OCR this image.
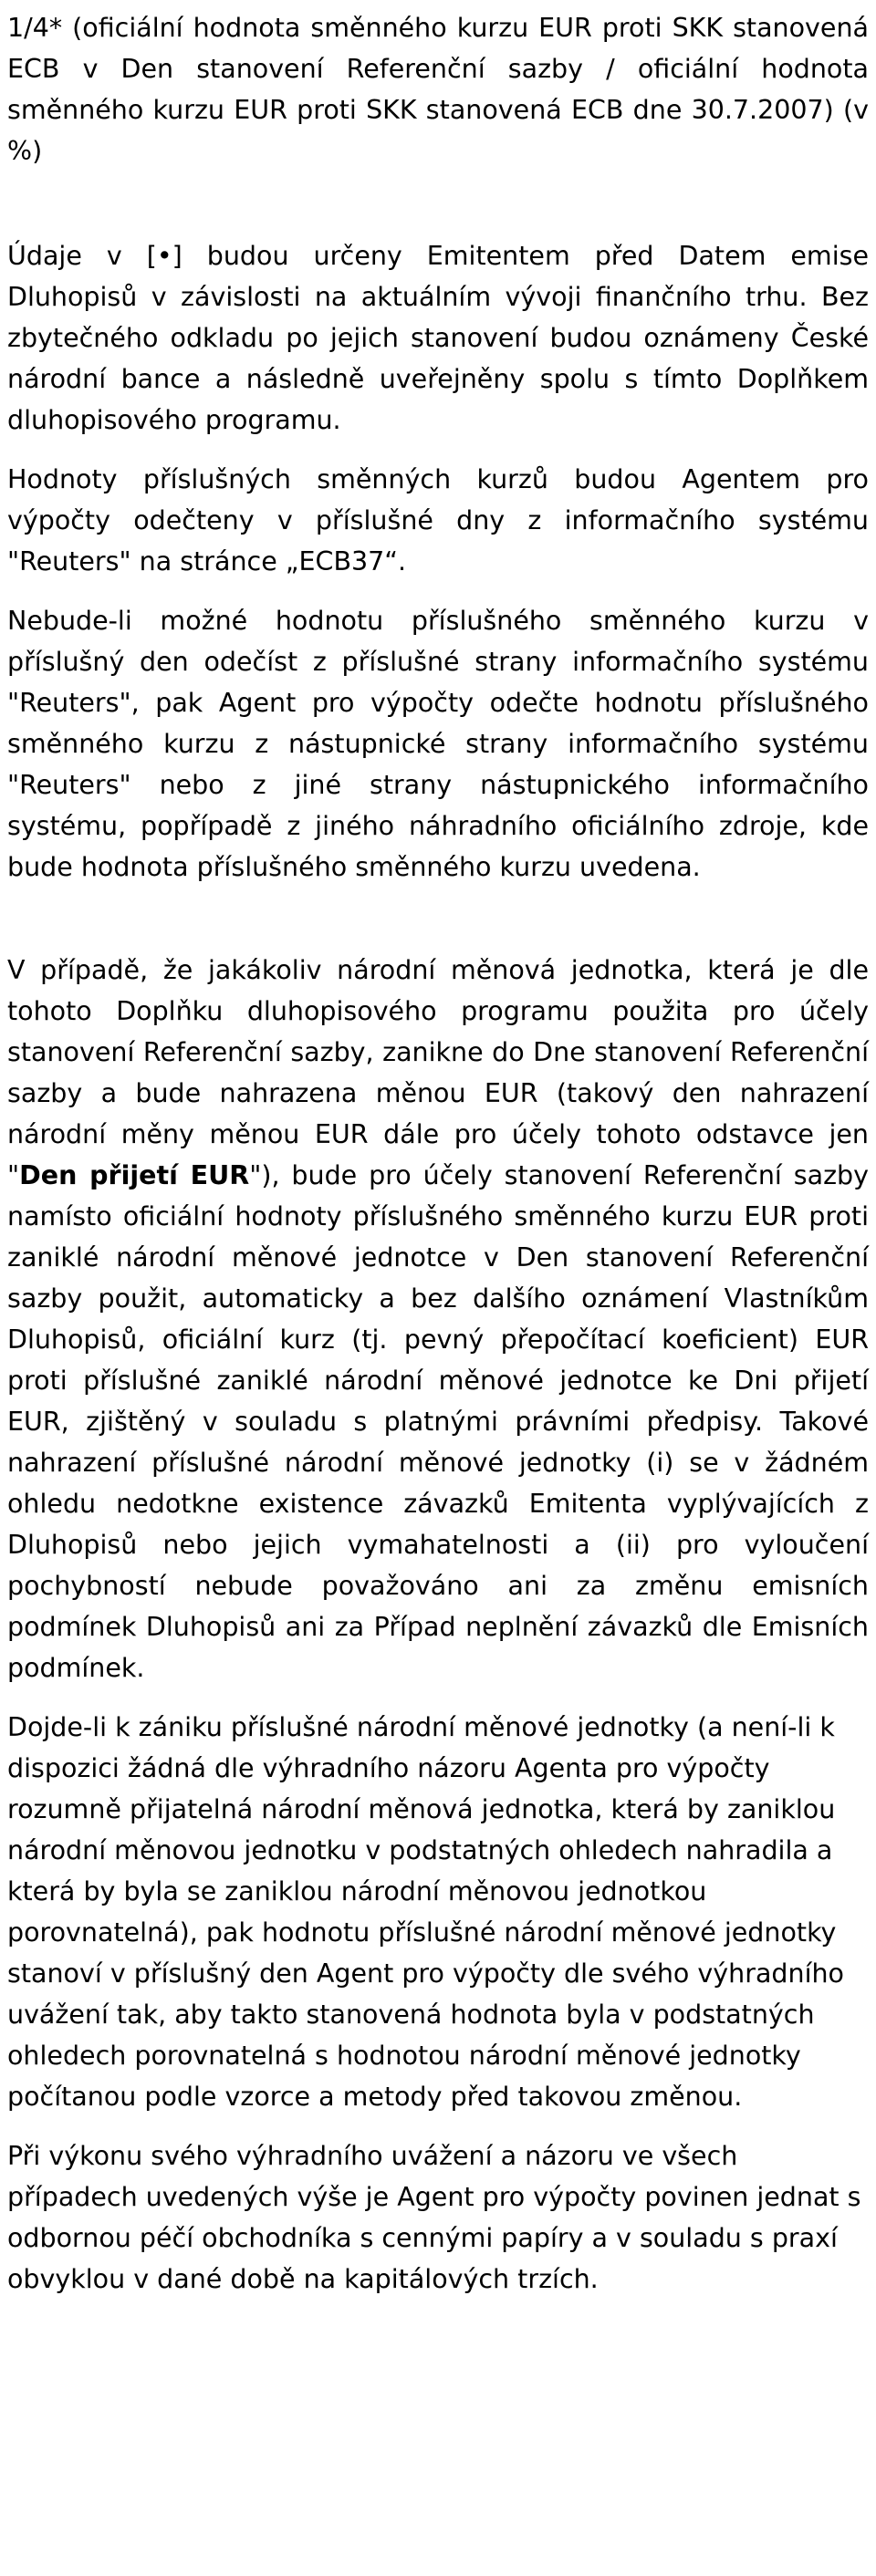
1/4* (oficiální hodnota směnného kurzu EUR proti SKK stanovená ECB v Den stanovení Referenční sazby / oficiální hodnota směnného kurzu EUR proti SKK stanovená ECB dne 30.7.2007) (v %)

Údaje v [•] budou určeny Emitentem před Datem emise Dluhopisů v závislosti na aktuálním vývoji finančního trhu. Bez zbytečného odkladu po jejich stanovení budou oznámeny České národní bance a následně uveřejněny spolu s tímto Doplňkem dluhopisového programu.

Hodnoty příslušných směnných kurzů budou Agentem pro výpočty odečteny v příslušné dny z informačního systému "Reuters" na stránce „ECB37“.

Nebude-li možné hodnotu příslušného směnného kurzu v příslušný den odečíst z příslušné strany informačního systému "Reuters", pak Agent pro výpočty odečte hodnotu příslušného směnného kurzu z nástupnické strany informačního systému "Reuters" nebo z jiné strany nástupnického informačního systému, popřípadě z jiného náhradního oficiálního zdroje, kde bude hodnota příslušného směnného kurzu uvedena.

V případě, že jakákoliv národní měnová jednotka, která je dle tohoto Doplňku dluhopisového programu použita pro účely stanovení Referenční sazby, zanikne do Dne stanovení Referenční sazby a bude nahrazena měnou EUR (takový den nahrazení národní měny měnou EUR dále pro účely tohoto odstavce jen "Den přijetí EUR"), bude pro účely stanovení Referenční sazby namísto oficiální hodnoty příslušného směnného kurzu EUR proti zaniklé národní měnové jednotce v Den stanovení Referenční sazby použit, automaticky a bez dalšího oznámení Vlastníkům Dluhopisů, oficiální kurz (tj. pevný přepočítací koeficient) EUR proti příslušné zaniklé národní měnové jednotce ke Dni přijetí EUR, zjištěný v souladu s platnými právními předpisy. Takové nahrazení příslušné národní měnové jednotky (i) se v žádném ohledu nedotkne existence závazků Emitenta vyplývajících z Dluhopisů nebo jejich vymahatelnosti a (ii) pro vyloučení pochybností nebude považováno ani za změnu emisních podmínek Dluhopisů ani za Případ neplnění závazků dle Emisních podmínek.

Dojde-li k zániku příslušné národní měnové jednotky (a není-li k dispozici žádná dle výhradního názoru Agenta pro výpočty rozumně přijatelná národní měnová jednotka, která by zaniklou národní měnovou jednotku v podstatných ohledech nahradila a která by byla se zaniklou národní měnovou jednotkou porovnatelná), pak hodnotu příslušné národní měnové jednotky stanoví v příslušný den Agent pro výpočty dle svého výhradního uvážení tak, aby takto stanovená hodnota byla v podstatných ohledech porovnatelná s hodnotou národní měnové jednotky počítanou podle vzorce a metody před takovou změnou.

Při výkonu svého výhradního uvážení a názoru ve všech případech uvedených výše je Agent pro výpočty povinen jednat s odbornou péčí obchodníka s cennými papíry a v souladu s praxí obvyklou v dané době na kapitálových trzích.
